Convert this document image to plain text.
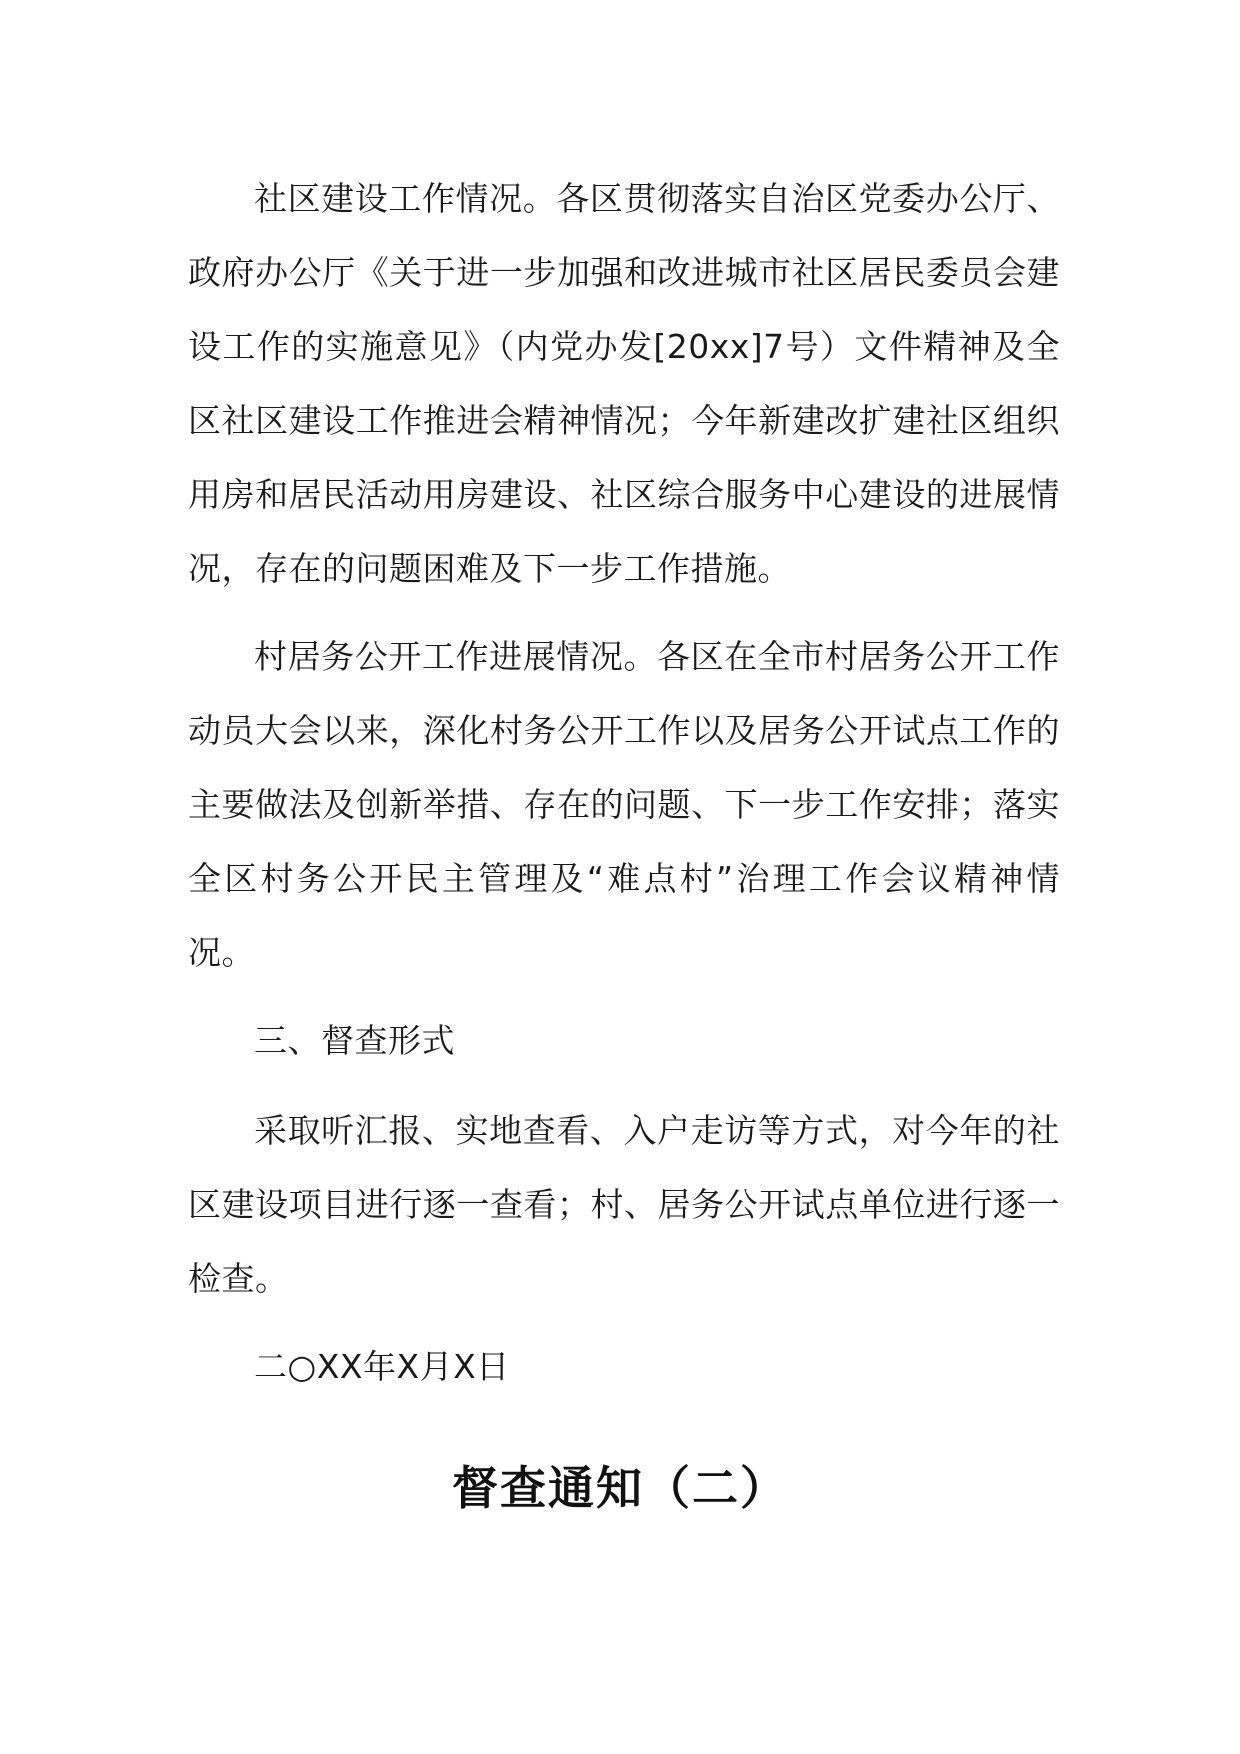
社区建设工作情况。各区贯彻落实自治区党委办公厅、政府办公厅《关于进一步加强和改进城市社区居民委员会建设工作的实施意见》（内党办发[20xx]7号）文件精神及全区社区建设工作推进会精神情况；今年新建改扩建社区组织用房和居民活动用房建设、社区综合服务中心建设的进展情况，存在的问题困难及下一步工作措施。

村居务公开工作进展情况。各区在全市村居务公开工作动员大会以来，深化村务公开工作以及居务公开试点工作的主要做法及创新举措、存在的问题、下一步工作安排；落实全区村务公开民主管理及“难点村”治理工作会议精神情况。

三、督查形式

采取听汇报、实地查看、入户走访等方式，对今年的社区建设项目进行逐一查看；村、居务公开试点单位进行逐一检查。

二○XX年X月X日

督查通知（二）
